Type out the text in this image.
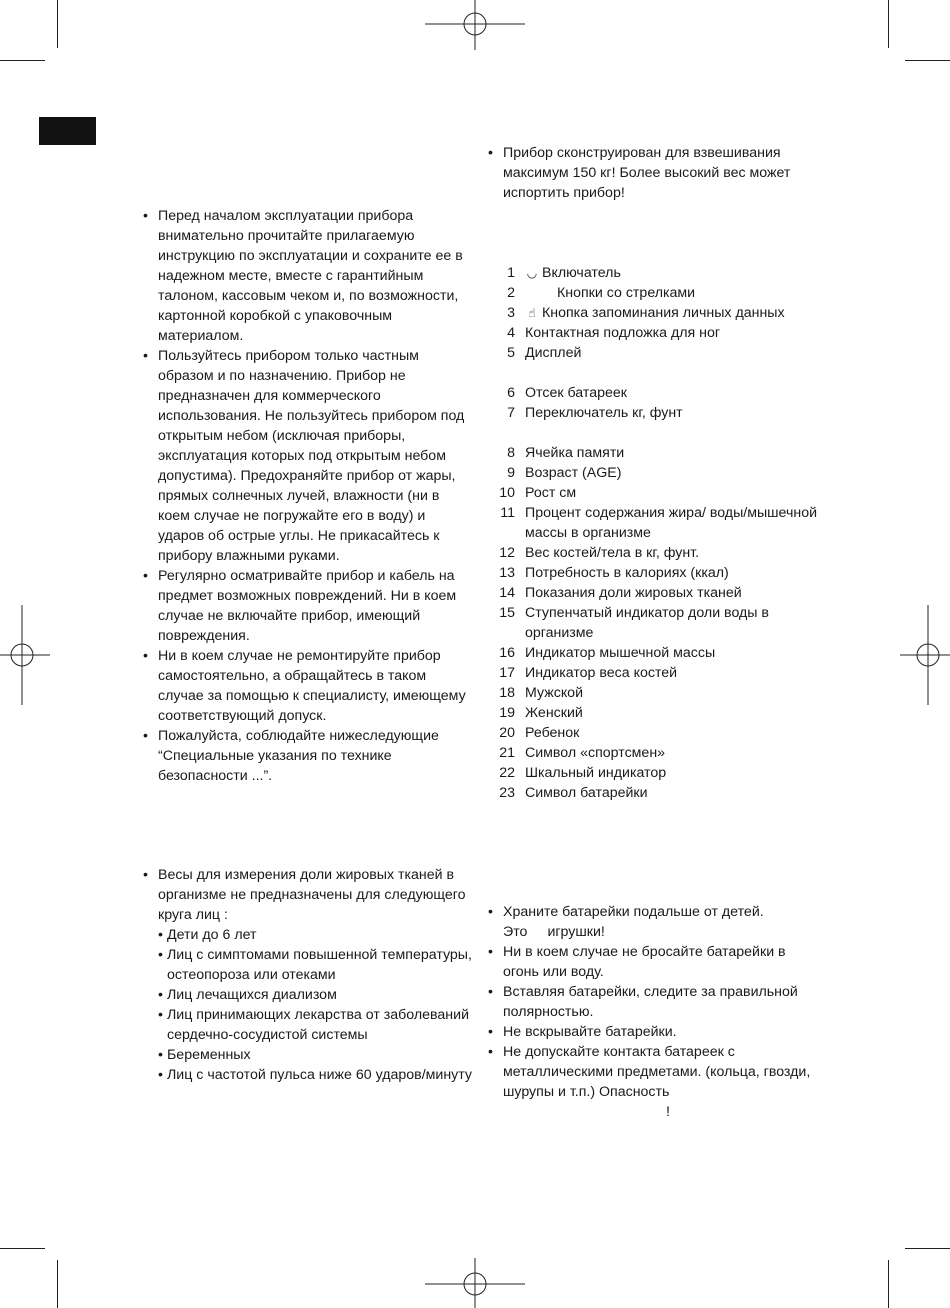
• Перед началом эксплуатации прибора внимательно прочитайте прилагаемую инструкцию по эксплуатации и сохраните ее в надежном месте, вместе с гарантийным талоном, кассовым чеком и, по возможности, картонной коробкой с упаковочным материалом.
• Пользуйтесь прибором только частным образом и по назначению. Прибор не предназначен для коммерческого использования. Не пользуйтесь прибором под открытым небом (исключая приборы, эксплуатация которых под открытым небом допустима). Предохраняйте прибор от жары, прямых солнечных лучей, влажности (ни в коем случае не погружайте его в воду) и ударов об острые углы. Не прикасайтесь к прибору влажными руками.
• Регулярно осматривайте прибор и кабель на предмет возможных повреждений. Ни в коем случае не включайте прибор, имеющий повреждения.
• Ни в коем случае не ремонтируйте прибор самостоятельно, а обращайтесь в таком случае за помощью к специалисту, имеющему соответствующий допуск.
• Пожалуйста, соблюдайте нижеследующие “Специальные указания по технике безопасности ...”.
• Весы для измерения доли жировых тканей в организме не предназначены для следующего круга лиц :
• Дети до 6 лет
• Лиц с симптомами повышенной температуры, остеопороза или отеками
• Лиц лечащихся диализом
• Лиц принимающих лекарства от заболеваний сердечно-сосудистой системы
• Беременных
• Лиц с частотой пульса ниже 60 ударов/минуту
• Прибор сконструирован для взвешивания максимум 150 кг! Более высокий вес может испортить прибор!
1 ◡ Включатель
2	Кнопки со стрелками
3 ☝ Кнопка запоминания личных данных
4 Контактная подложка для ног
5 Дисплей
6 Отсек батареек
7 Переключатель кг, фунт
8 Ячейка памяти
9 Возраст (AGE)
10 Рост см
11 Процент содержания жира/ воды/мышечной массы в организме
12 Вес костей/тела в кг, фунт.
13 Потребность в калориях (ккал)
14 Показания доли жировых тканей
15 Ступенчатый индикатор доли воды в организме
16 Индикатор мышечной массы
17 Индикатор веса костей
18 Мужской
19 Женский
20 Ребенок
21 Символ «спортсмен»
22 Шкальный индикатор
23 Символ батарейки
• Храните батарейки подальше от детей.
Это игрушки!
• Ни в коем случае не бросайте батарейки в огонь или воду.
• Вставляя батарейки, следите за правильной полярностью.
• Не вскрывайте батарейки.
• Не допускайте контакта батареек с металлическими предметами. (кольца, гвозди, шурупы и т.п.) Опасность
!
